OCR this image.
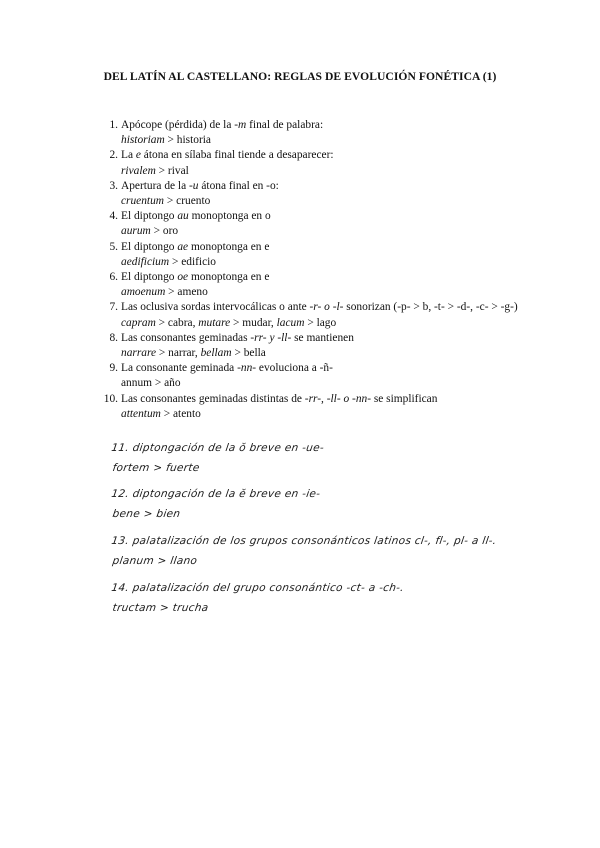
DEL LATÍN AL CASTELLANO: REGLAS DE EVOLUCIÓN FONÉTICA (1)
1. Apócope (pérdida) de la -m final de palabra:
historiam > historia
2. La e átona en sílaba final tiende a desaparecer:
rivalem > rival
3. Apertura de la -u átona final en -o:
cruentum > cruento
4. El diptongo au monoptonga en o
aurum > oro
5. El diptongo ae monoptonga en e
aedificium > edificio
6. El diptongo oe monoptonga en e
amoenum > ameno
7. Las oclusiva sordas intervocálicas o ante -r- o -l- sonorizan (-p- > b, -t- > -d-, -c- > -g-)
capram > cabra, mutare > mudar, lacum > lago
8. Las consonantes geminadas -rr- y -ll- se mantienen
narrare > narrar, bellam > bella
9. La consonante geminada -nn- evoluciona a -ñ-
annum > año
10. Las consonantes geminadas distintas de -rr-, -ll- o -nn- se simplifican
attentum > atento
11. diptongación de la ŏ breve en -ue-
fortem > fuerte
12. diptongación de la ĕ breve en -ie-
bene > bien
13. palatalización de los grupos consonánticos latinos cl-, fl-, pl- a ll-.
planum > llano
14. palatalización del grupo consonántico -ct- a -ch-.
tructam > trucha
